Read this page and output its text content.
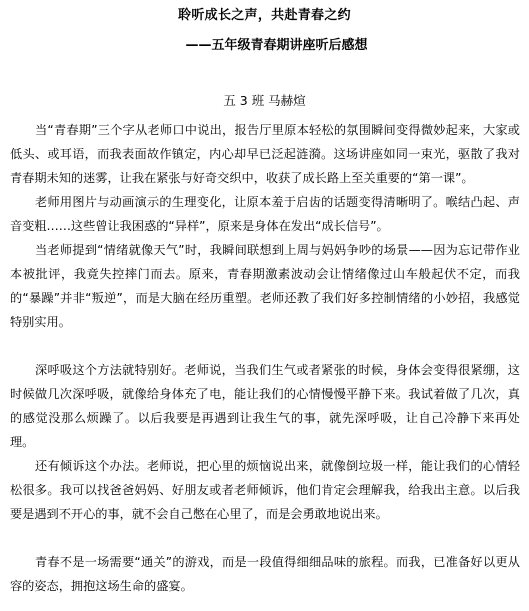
聆听成长之声，共赴青春之约
——五年级青春期讲座听后感想
五 3 班 马赫煊

当“青春期”三个字从老师口中说出，报告厅里原本轻松的氛围瞬间变得微妙起来，大家或低头、或耳语，而我表面故作镇定，内心却早已泛起涟漪。这场讲座如同一束光，驱散了我对青春期未知的迷雾，让我在紧张与好奇交织中，收获了成长路上至关重要的“第一课”。

老师用图片与动画演示的生理变化，让原本羞于启齿的话题变得清晰明了。喉结凸起、声音变粗……这些曾让我困惑的“异样”，原来是身体在发出“成长信号”。

当老师提到“情绪就像天气”时，我瞬间联想到上周与妈妈争吵的场景——因为忘记带作业本被批评，我竟失控摔门而去。原来，青春期激素波动会让情绪像过山车般起伏不定，而我的“暴躁”并非“叛逆”，而是大脑在经历重塑。老师还教了我们好多控制情绪的小妙招，我感觉特别实用。

深呼吸这个方法就特别好。老师说，当我们生气或者紧张的时候，身体会变得很紧绷，这时候做几次深呼吸，就像给身体充了电，能让我们的心情慢慢平静下来。我试着做了几次，真的感觉没那么烦躁了。以后我要是再遇到让我生气的事，就先深呼吸，让自己冷静下来再处理。

还有倾诉这个办法。老师说，把心里的烦恼说出来，就像倒垃圾一样，能让我们的心情轻松很多。我可以找爸爸妈妈、好朋友或者老师倾诉，他们肯定会理解我，给我出主意。以后我要是遇到不开心的事，就不会自己憋在心里了，而是会勇敢地说出来。

青春不是一场需要“通关”的游戏，而是一段值得细细品味的旅程。而我，已准备好以更从容的姿态，拥抱这场生命的盛宴。
